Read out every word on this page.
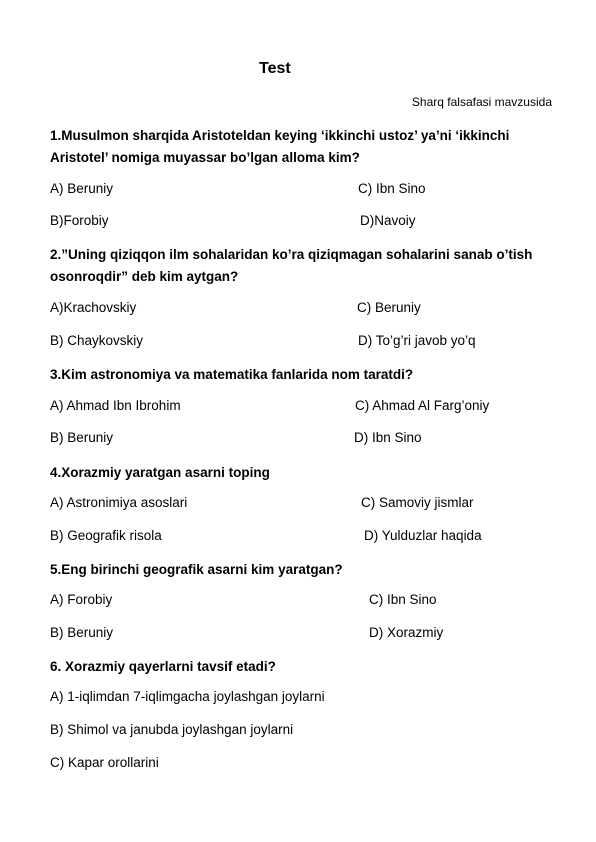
Test
Sharq falsafasi mavzusida
1.Musulmon sharqida Aristoteldan keying ‘ikkinchi ustoz’ ya’ni ‘ikkinchi Aristotel’ nomiga muyassar bo’lgan alloma kim?
A) Beruniy	C) Ibn Sino
B)Forobiy	D)Navoiy
2.”Uning qiziqqon ilm sohalaridan ko’ra qiziqmagan sohalarini sanab o’tish osonroqdir” deb kim aytgan?
A)Krachovskiy	C) Beruniy
B) Chaykovskiy	D) To’g’ri javob yo’q
3.Kim astronomiya va matematika fanlarida nom taratdi?
A) Ahmad Ibn Ibrohim	C) Ahmad Al Farg’oniy
B) Beruniy	D) Ibn Sino
4.Xorazmiy yaratgan asarni toping
A) Astronimiya asoslari	C) Samoviy jismlar
B) Geografik risola	D) Yulduzlar haqida
5.Eng birinchi geografik asarni kim yaratgan?
A) Forobiy	C) Ibn Sino
B) Beruniy	D) Xorazmiy
6. Xorazmiy qayerlarni tavsif etadi?
A) 1-iqlimdan 7-iqlimgacha joylashgan joylarni
B) Shimol va janubda joylashgan joylarni
C) Kapar orollarini
